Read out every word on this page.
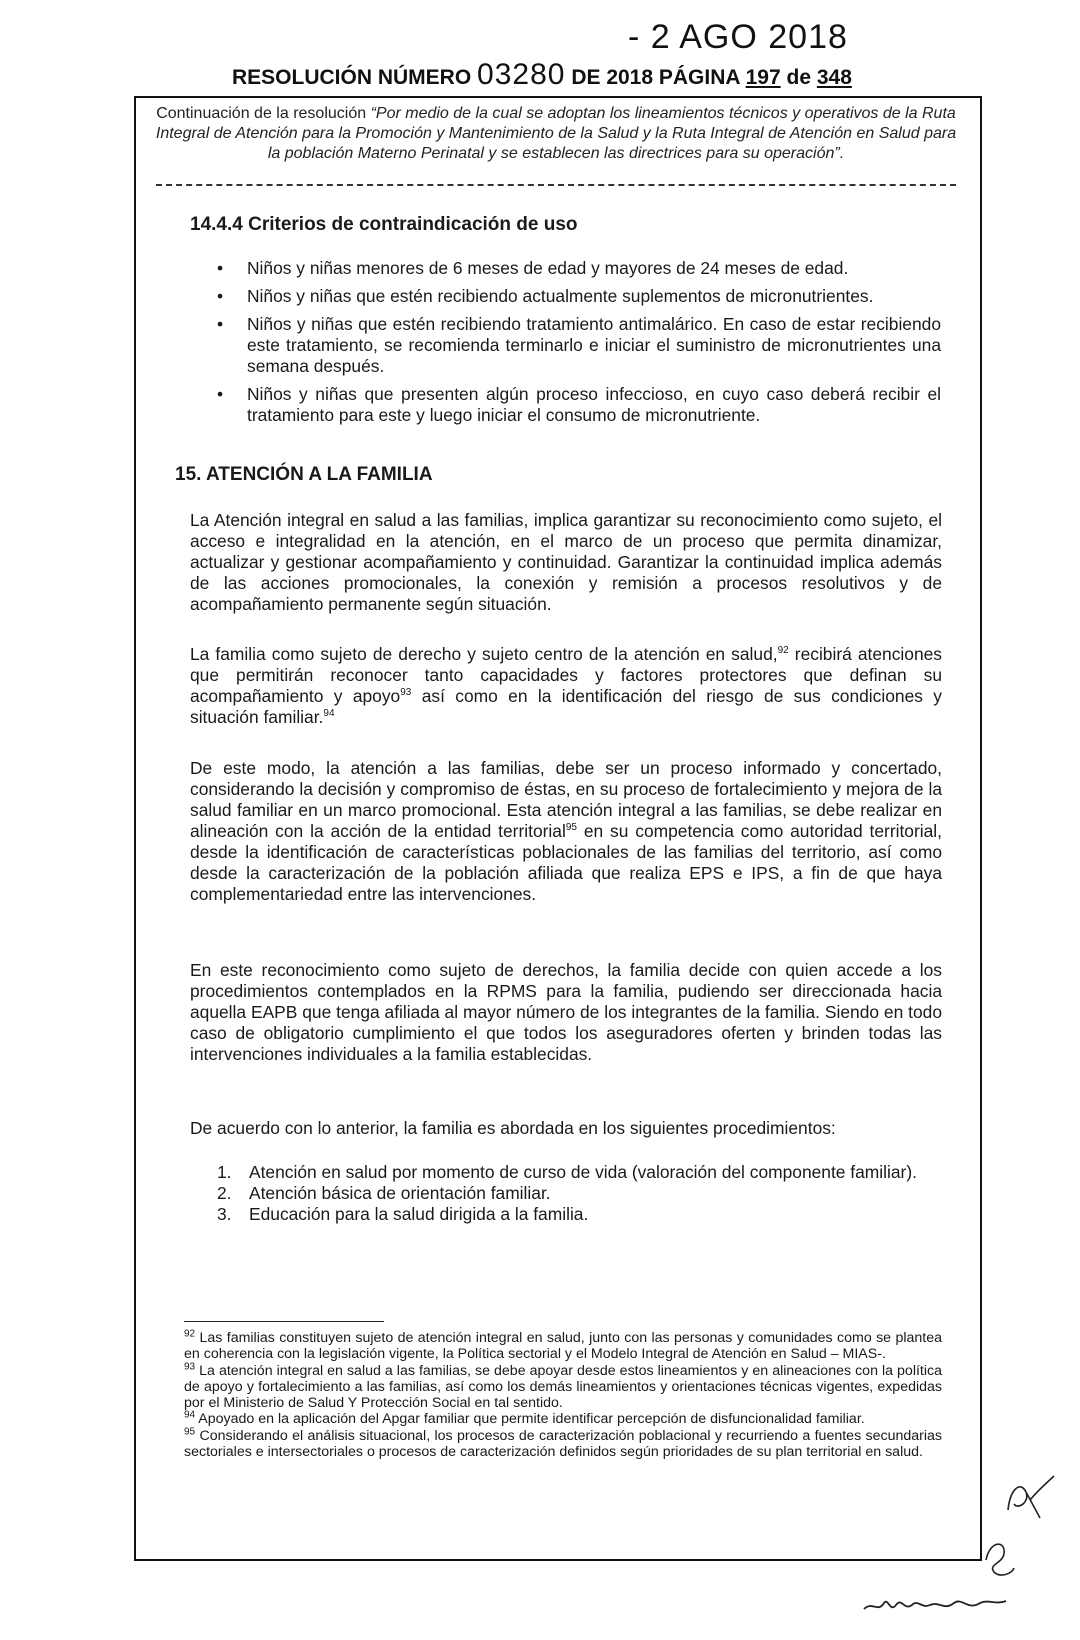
- 2 AGO 2018
RESOLUCIÓN NÚMERO 03280 DE 2018 PÁGINA 197 de 348
Continuación de la resolución “Por medio de la cual se adoptan los lineamientos técnicos y operativos de la Ruta Integral de Atención para la Promoción y Mantenimiento de la Salud y la Ruta Integral de Atención en Salud para la población Materno Perinatal y se establecen las directrices para su operación”.
14.4.4 Criterios de contraindicación de uso
• Niños y niñas menores de 6 meses de edad y mayores de 24 meses de edad.
• Niños y niñas que estén recibiendo actualmente suplementos de micronutrientes.
• Niños y niñas que estén recibiendo tratamiento antimalárico. En caso de estar recibiendo este tratamiento, se recomienda terminarlo e iniciar el suministro de micronutrientes una semana después.
• Niños y niñas que presenten algún proceso infeccioso, en cuyo caso deberá recibir el tratamiento para este y luego iniciar el consumo de micronutriente.
15. ATENCIÓN A LA FAMILIA

La Atención integral en salud a las familias, implica garantizar su reconocimiento como sujeto, el acceso e integralidad en la atención, en el marco de un proceso que permita dinamizar, actualizar y gestionar acompañamiento y continuidad. Garantizar la continuidad implica además de las acciones promocionales, la conexión y remisión a procesos resolutivos y de acompañamiento permanente según situación.

La familia como sujeto de derecho y sujeto centro de la atención en salud,$^{92}$ recibirá atenciones que permitirán reconocer tanto capacidades y factores protectores que definan su acompañamiento y apoyo$^{93}$ así como en la identificación del riesgo de sus condiciones y situación familiar.$^{94}$

De este modo, la atención a las familias, debe ser un proceso informado y concertado, considerando la decisión y compromiso de éstas, en su proceso de fortalecimiento y mejora de la salud familiar en un marco promocional. Esta atención integral a las familias, se debe realizar en alineación con la acción de la entidad territorial$^{95}$ en su competencia como autoridad territorial, desde la identificación de características poblacionales de las familias del territorio, así como desde la caracterización de la población afiliada que realiza EPS e IPS, a fin de que haya complementariedad entre las intervenciones.

En este reconocimiento como sujeto de derechos, la familia decide con quien accede a los procedimientos contemplados en la RPMS para la familia, pudiendo ser direccionada hacia aquella EAPB que tenga afiliada al mayor número de los integrantes de la familia. Siendo en todo caso de obligatorio cumplimiento el que todos los aseguradores oferten y brinden todas las intervenciones individuales a la familia establecidas.

De acuerdo con lo anterior, la familia es abordada en los siguientes procedimientos:

1. Atención en salud por momento de curso de vida (valoración del componente familiar).
2. Atención básica de orientación familiar.
3. Educación para la salud dirigida a la familia.

$^{92}$ Las familias constituyen sujeto de atención integral en salud, junto con las personas y comunidades como se plantea en coherencia con la legislación vigente, la Política sectorial y el Modelo Integral de Atención en Salud – MIAS-.

$^{93}$ La atención integral en salud a las familias, se debe apoyar desde estos lineamientos y en alineaciones con la política de apoyo y fortalecimiento a las familias, así como los demás lineamientos y orientaciones técnicas vigentes, expedidas por el Ministerio de Salud Y Protección Social en tal sentido.

$^{94}$ Apoyado en la aplicación del Apgar familiar que permite identificar percepción de disfuncionalidad familiar.

$^{95}$ Considerando el análisis situacional, los procesos de caracterización poblacional y recurriendo a fuentes secundarias sectoriales e intersectoriales o procesos de caracterización definidos según prioridades de su plan territorial en salud.
